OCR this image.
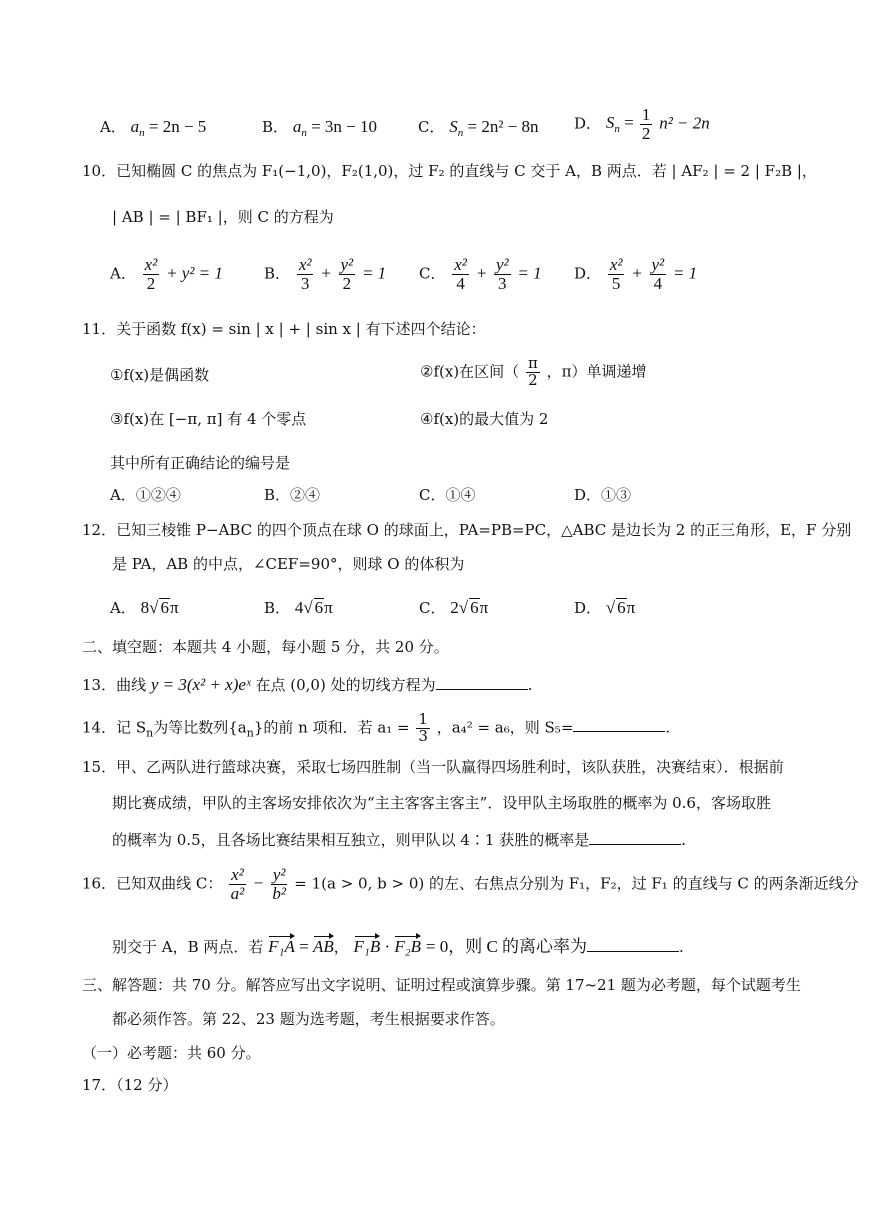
A． $a_n = 2n - 5$	B． $a_n = 3n - 10$	C． $S_n = 2n^2 - 8n$ D． $S_n = \frac{1}{2} n^2 - 2n$
10．已知椭圆 C 的焦点为 F₁(−1,0)，F₂(1,0)，过 F₂ 的直线与 C 交于 A，B 两点．若 | AF₂ | = 2 | F₂B |，
| AB | = | BF₁ |，则 C 的方程为
A． $\frac{\text{x²}}{2} + y^2 = 1$	B． $\frac{\text{x²}}{3} + \frac{\text{y²}}{2} = 1$ C． $\frac{\text{x²}}{4} + \frac{\text{y²}}{3} = 1$ D． $\frac{\text{x²}}{5} + \frac{\text{y²}}{4} = 1$
11．关于函数 f(x) = sin | x | + | sin x | 有下述四个结论：
①f(x)是偶函数	②f(x)在区间（ $\frac{\pi}{2}$ ，π）单调递增
③f(x)在 [−π, π] 有 4 个零点	④f(x)的最大值为 2
其中所有正确结论的编号是
A．①②④	B．②④	C．①④	D．①③
12．已知三棱锥 P−ABC 的四个顶点在球 O 的球面上，PA=PB=PC，△ABC 是边长为 2 的正三角形，E，F 分别
是 PA，AB 的中点，∠CEF=90°，则球 O 的体积为
A． 8√ 6π	B． 4√ 6π	C． 2√ 6π	D． √ 6π
二、填空题：本题共 4 小题，每小题 5 分，共 20 分。
13．曲线 y = 3(x² + x)eˣ 在点 (0,0) 处的切线方程为	.
14．记 $S_n$为等比数列$\{a_n\}$的前 n 项和．若 $a_1 = \frac{1}{3}$ ，a₄² = a₆，则 S₅=	.
15．甲、乙两队进行篮球决赛，采取七场四胜制（当一队赢得四场胜利时，该队获胜，决赛结束）．根据前
期比赛成绩，甲队的主客场安排依次为“主主客客主客主”．设甲队主场取胜的概率为 0.6，客场取胜
的概率为 0.5，且各场比赛结果相互独立，则甲队以 4∶1 获胜的概率是	.
16．已知双曲线 C： $\frac{\text{x²}}{\text{a²}} - \frac{\text{y²}}{\text{b²}} = 1(a > 0$, b > 0) 的左、右焦点分别为 F₁，F₂，过 F₁ 的直线与 C 的两条渐近线分
别交于 A，B 两点．若 F₁A = AB， F₁B · F₂B = 0，则 C 的离心率为	.
三、解答题：共 70 分。解答应写出文字说明、证明过程或演算步骤。第 17~21 题为必考题，每个试题考生
都必须作答。第 22、23 题为选考题，考生根据要求作答。
（一）必考题：共 60 分。
17．（12 分）
